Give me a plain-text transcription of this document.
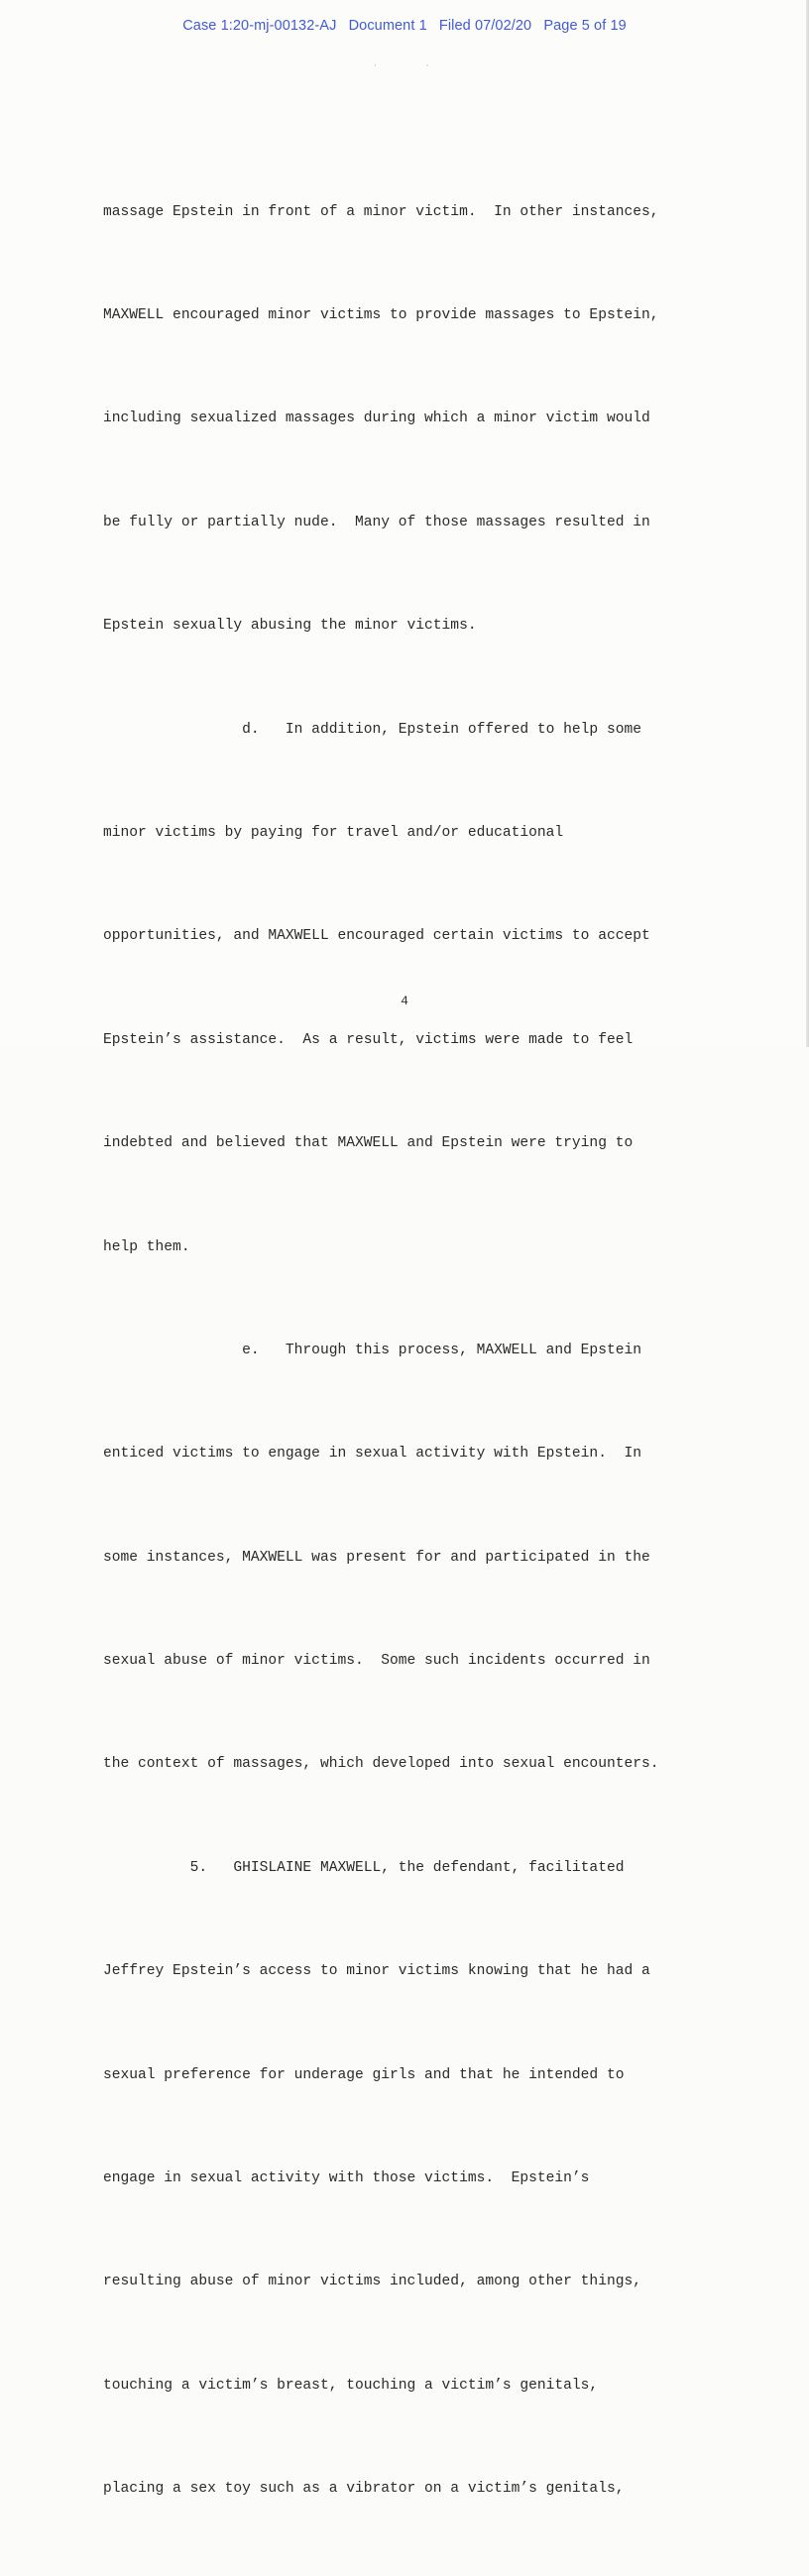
Case 1:20-mj-00132-AJ Document 1 Filed 07/02/20 Page 5 of 19
·          ·

massage Epstein in front of a minor victim.  In other instances,

MAXWELL encouraged minor victims to provide massages to Epstein,

including sexualized massages during which a minor victim would

be fully or partially nude.  Many of those massages resulted in

Epstein sexually abusing the minor victims.

d.   In addition, Epstein offered to help some

minor victims by paying for travel and/or educational

opportunities, and MAXWELL encouraged certain victims to accept

Epstein’s assistance.  As a result, victims were made to feel

indebted and believed that MAXWELL and Epstein were trying to

help them.

e.   Through this process, MAXWELL and Epstein

enticed victims to engage in sexual activity with Epstein.  In

some instances, MAXWELL was present for and participated in the

sexual abuse of minor victims.  Some such incidents occurred in

the context of massages, which developed into sexual encounters.

5.   GHISLAINE MAXWELL, the defendant, facilitated

Jeffrey Epstein’s access to minor victims knowing that he had a

sexual preference for underage girls and that he intended to

engage in sexual activity with those victims.  Epstein’s

resulting abuse of minor victims included, among other things,

touching a victim’s breast, touching a victim’s genitals,

placing a sex toy such as a vibrator on a victim’s genitals,

4
